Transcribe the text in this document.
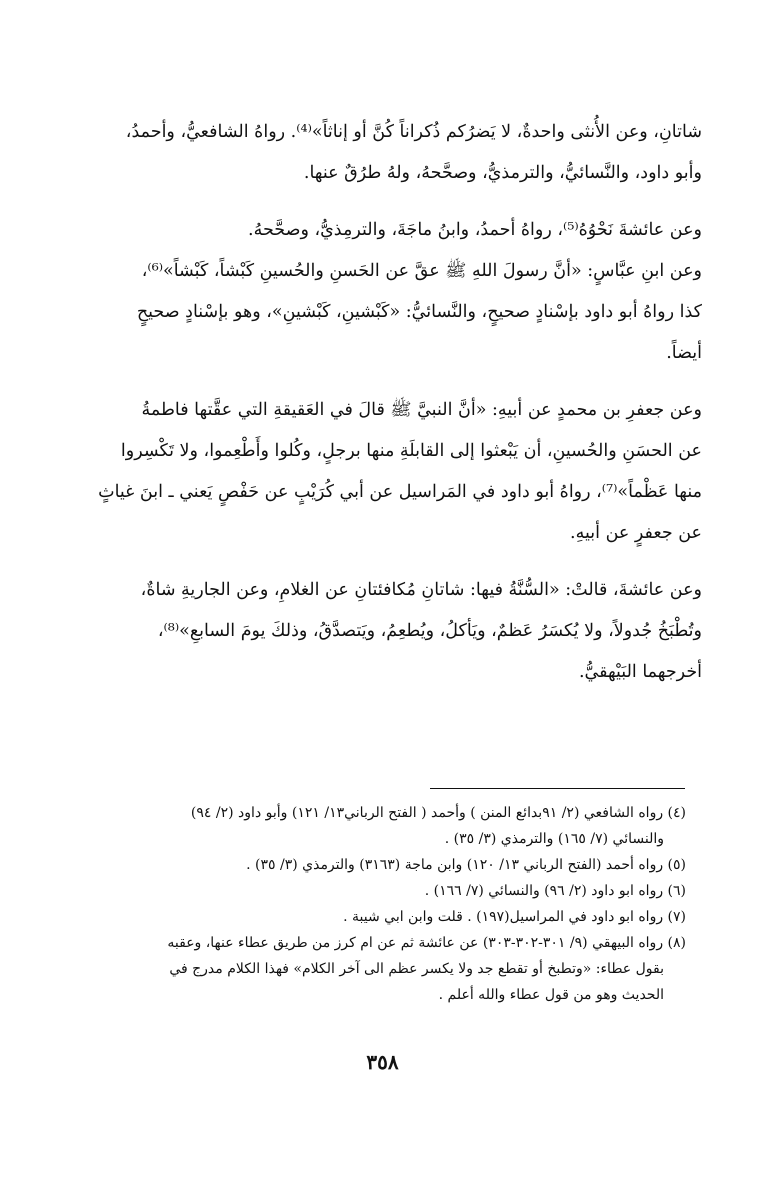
شاتانِ، وعن الأُنثى واحدةٌ، لا يَضرُكم ذُكراناً كُنَّ أو إناثاً»⁽⁴⁾. رواهُ الشافعيُّ، وأحمدُ،
وأبو داود، والنَّسائيُّ، والترمذيُّ، وصحَّحهُ، ولهُ طرُقٌ عنها.

وعن عائشةَ نَحْوُهُ⁽⁵⁾، رواهُ أحمدُ، وابنُ ماجَةَ، والترمِذيُّ، وصحَّحهُ.

وعن ابنِ عبَّاسٍ: «أنَّ رسولَ اللهِ ﷺ عقَّ عن الحَسنِ والحُسينِ كَبْشاً، كَبْشاً»⁽⁶⁾،
كذا رواهُ أبو داود بإسْنادٍ صحيحٍ، والنَّسائيُّ: «كَبْشينِ، كَبْشينِ»، وهو بإسْنادٍ صحيحٍ
أيضاً.

وعن جعفرِ بن محمدٍ عن أبيهِ: «أنَّ النبيَّ ﷺ قالَ في العَقيقةِ التي عقَّتها فاطمةُ
عن الحسَنِ والحُسينِ، أن يَبْعثوا إلى القابلَةِ منها برجلٍ، وكُلوا وأَطْعِموا، ولا تَكْسِروا
منها عَظْماً»⁽⁷⁾، رواهُ أبو داود في المَراسيل عن أبي كُرَيْبٍ عن حَفْصٍ يَعني ـ ابنَ غياثٍ
عن جعفرٍ عن أبيهِ.

وعن عائشةَ، قالتْ: «السُّنَّةُ فيها: شاتانِ مُكافئتانِ عن الغلامِ، وعن الجاريةِ شاةٌ،
وتُطْبَخُ جُدولاً، ولا يُكسَرُ عَظمٌ، ويَأكلُ، ويُطعِمُ، ويَتصدَّقُ، وذلكَ يومَ السابعِ»⁽⁸⁾،
أخرجهما البَيْهقيُّ.

(٤) رواه الشافعي (٢/ ٩١بدائع المنن ) وأحمد ( الفتح الرباني١٣/ ١٢١) وأبو داود (٢/ ٩٤)
والنسائي (٧/ ١٦٥) والترمذي (٣/ ٣٥) .

(٥) رواه أحمد (الفتح الرباني ١٣/ ١٢٠) وابن ماجة (٣١٦٣) والترمذي (٣/ ٣٥) .

(٦) رواه ابو داود (٢/ ٩٦) والنسائي (٧/ ١٦٦) .

(٧) رواه ابو داود في المراسيل(١٩٧) . قلت وابن ابي شيبة .

(٨) رواه البيهقي (٩/ ٣٠١-٣٠٢-٣٠٣) عن عائشة ثم عن ام كرز من طريق عطاء عنها، وعقبه
بقول عطاء: «وتطبخ أو تقطع جد ولا يكسر عظم الى آخر الكلام» فهذا الكلام مدرج في
الحديث وهو من قول عطاء والله أعلم .

٣٥٨
